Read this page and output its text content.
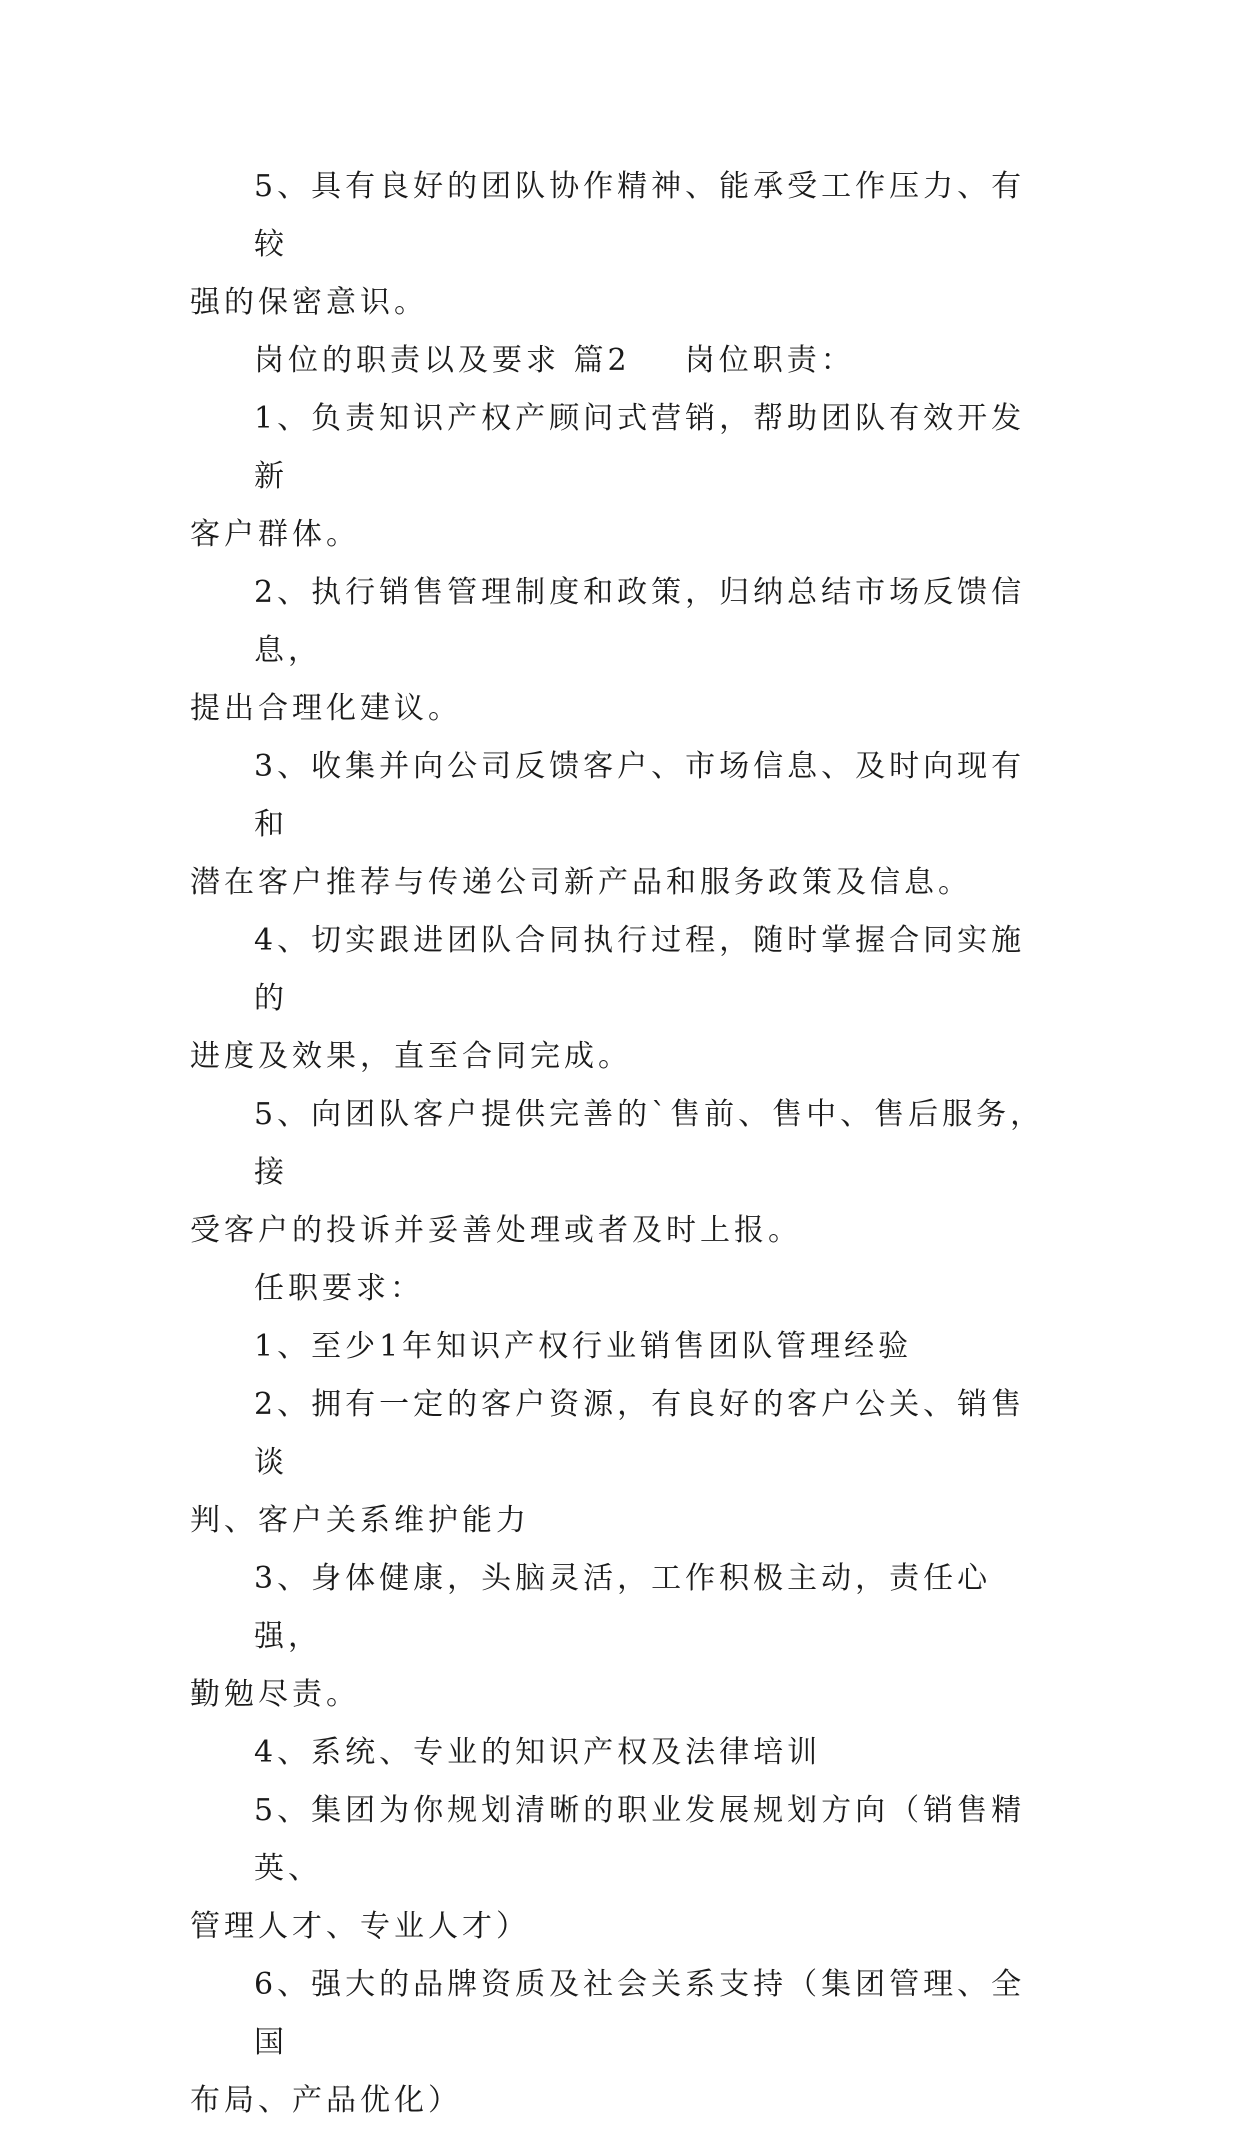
5、具有良好的团队协作精神、能承受工作压力、有较
强的保密意识。
岗位的职责以及要求 篇2    岗位职责：
1、负责知识产权产顾问式营销，帮助团队有效开发新
客户群体。
2、执行销售管理制度和政策，归纳总结市场反馈信息，
提出合理化建议。
3、收集并向公司反馈客户、市场信息、及时向现有和
潜在客户推荐与传递公司新产品和服务政策及信息。
4、切实跟进团队合同执行过程，随时掌握合同实施的
进度及效果，直至合同完成。
5、向团队客户提供完善的`售前、售中、售后服务，接
受客户的投诉并妥善处理或者及时上报。
任职要求：
1、至少1年知识产权行业销售团队管理经验
2、拥有一定的客户资源，有良好的客户公关、销售谈
判、客户关系维护能力
3、身体健康，头脑灵活，工作积极主动，责任心强，
勤勉尽责。
4、系统、专业的知识产权及法律培训
5、集团为你规划清晰的职业发展规划方向（销售精英、
管理人才、专业人才）
6、强大的品牌资质及社会关系支持（集团管理、全国
布局、产品优化）
